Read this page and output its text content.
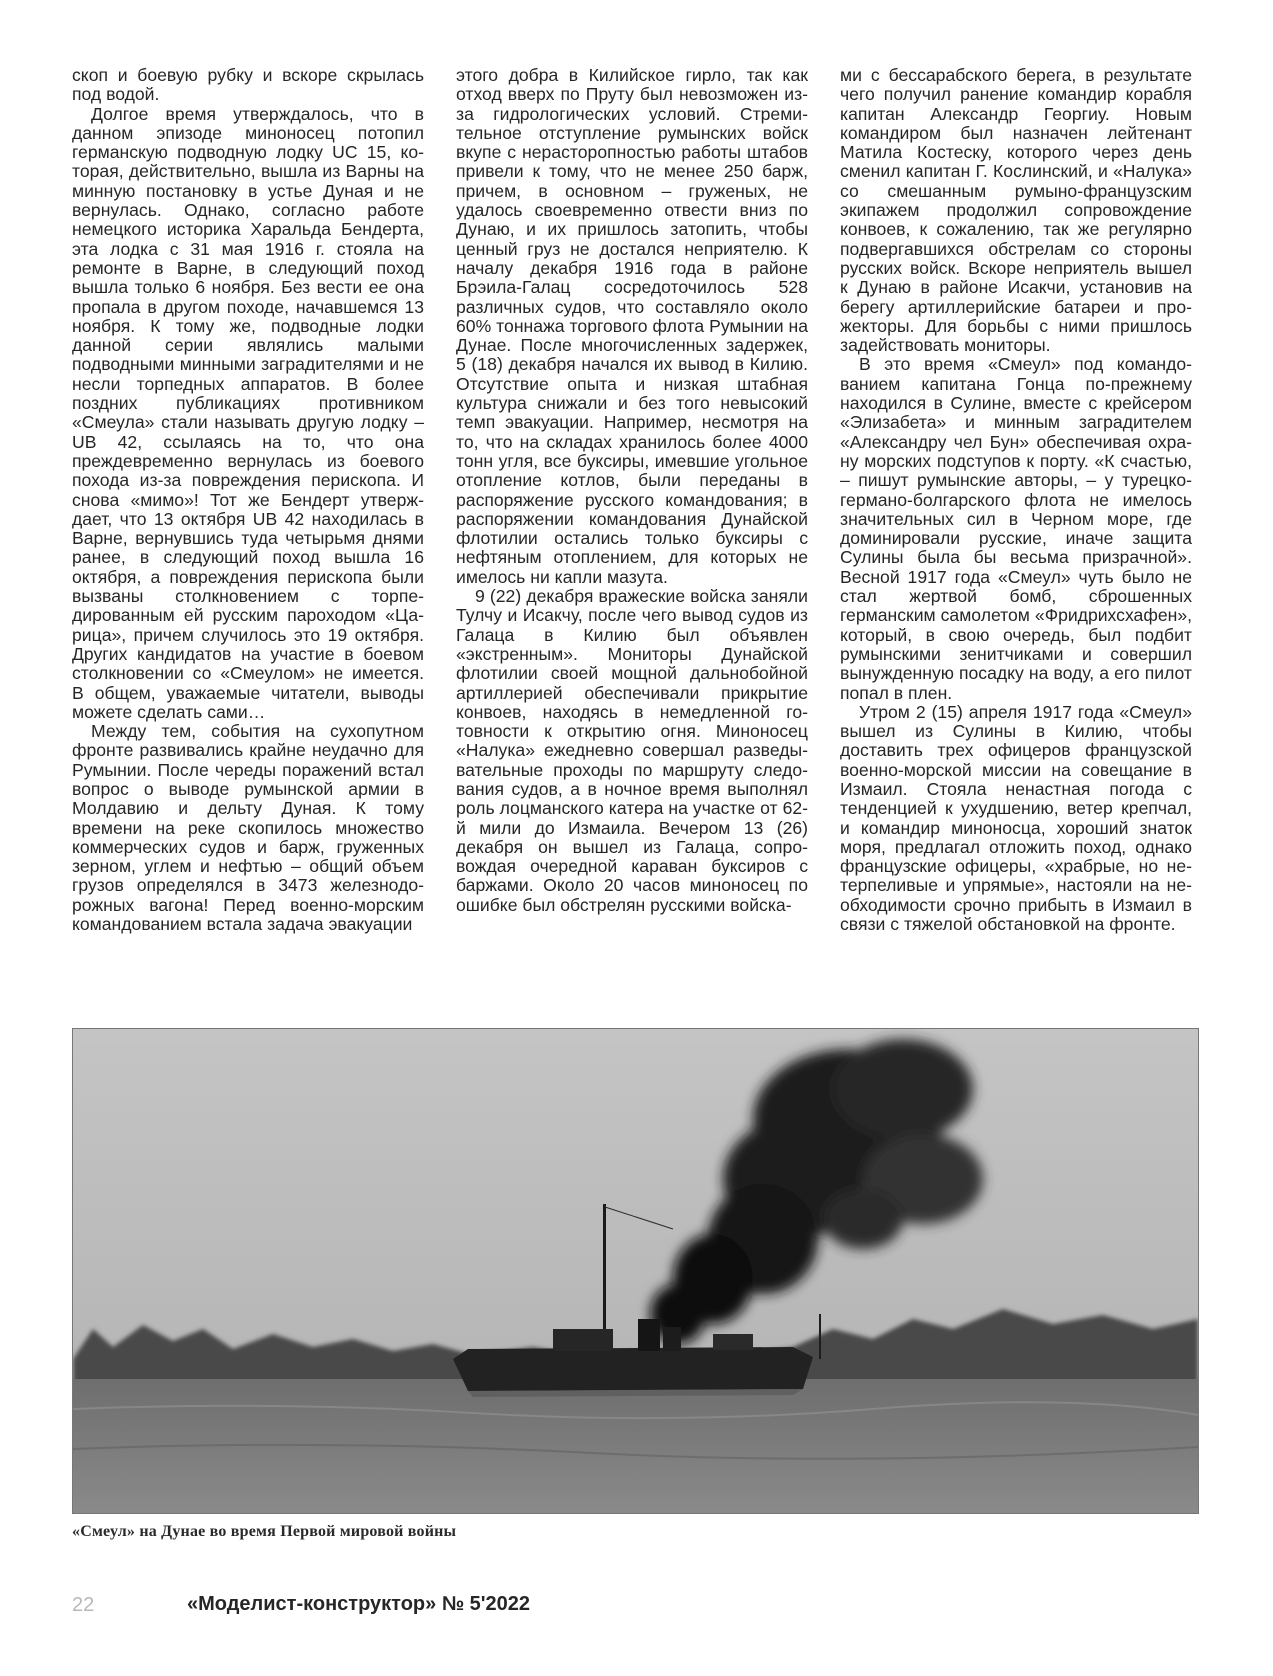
скоп и боевую рубку и вскоре скрылась под водой.

Долгое время утверждалось, что в данном эпизоде миноносец потопил германскую подводную лодку UC 15, которая, действительно, вышла из Варны на минную постановку в устье Дуная и не вернулась. Однако, согласно работе немецкого историка Харальда Бендерта, эта лодка с 31 мая 1916 г. стояла на ремонте в Варне, в следующий поход вышла только 6 ноября. Без вести ее она пропала в другом походе, начавшемся 13 ноября. К тому же, подводные лодки данной серии являлись малыми подводными минными заградителями и не несли торпедных аппаратов. В более поздних публикациях противником «Смеула» стали называть другую лодку – UB 42, ссылаясь на то, что она преждевременно вернулась из боевого похода из-за повреждения перископа. И снова «мимо»! Тот же Бендерт утверждает, что 13 октября UB 42 находилась в Варне, вернувшись туда четырьмя днями ранее, в следующий поход вышла 16 октября, а повреждения перископа были вызваны столкновением с торпедированным ей русским пароходом «Царица», причем случилось это 19 октября. Других кандидатов на участие в боевом столкновении со «Смеулом» не имеется. В общем, уважаемые читатели, выводы можете сделать сами…

Между тем, события на сухопутном фронте развивались крайне неудачно для Румынии. После череды поражений встал вопрос о выводе румынской армии в Молдавию и дельту Дуная. К тому времени на реке скопилось множество коммерческих судов и барж, груженных зерном, углем и нефтью – общий объем грузов определялся в 3473 железнодорожных вагона! Перед военно-морским командованием встала задача эвакуации

этого добра в Килийское гирло, так как отход вверх по Пруту был невозможен из-за гидрологических условий. Стремительное отступление румынских войск вкупе с нерасторопностью работы штабов привели к тому, что не менее 250 барж, причем, в основном – груженых, не удалось своевременно отвести вниз по Дунаю, и их пришлось затопить, чтобы ценный груз не достался неприятелю. К началу декабря 1916 года в районе Брэила-Галац сосредоточилось 528 различных судов, что составляло около 60% тоннажа торгового флота Румынии на Дунае. После многочисленных задержек, 5 (18) декабря начался их вывод в Килию. Отсутствие опыта и низкая штабная культура снижали и без того невысокий темп эвакуации. Например, несмотря на то, что на складах хранилось более 4000 тонн угля, все буксиры, имевшие угольное отопление котлов, были переданы в распоряжение русского командования; в распоряжении командования Дунайской флотилии остались только буксиры с нефтяным отоплением, для которых не имелось ни капли мазута.

9 (22) декабря вражеские войска заняли Тулчу и Исакчу, после чего вывод судов из Галаца в Килию был объявлен «экстренным». Мониторы Дунайской флотилии своей мощной дальнобойной артиллерией обеспечивали прикрытие конвоев, находясь в немедленной готовности к открытию огня. Миноносец «Налука» ежедневно совершал разведывательные проходы по маршруту следования судов, а в ночное время выполнял роль лоцманского катера на участке от 62-й мили до Измаила. Вечером 13 (26) декабря он вышел из Галаца, сопровождая очередной караван буксиров с баржами. Около 20 часов миноносец по ошибке был обстрелян русскими войска-

ми с бессарабского берега, в результате чего получил ранение командир корабля капитан Александр Георгиу. Новым командиром был назначен лейтенант Матила Костеску, которого через день сменил капитан Г. Кослинский, и «Налука» со смешанным румыно-французским экипажем продолжил сопровождение конвоев, к сожалению, так же регулярно подвергавшихся обстрелам со стороны русских войск. Вскоре неприятель вышел к Дунаю в районе Исакчи, установив на берегу артиллерийские батареи и прожекторы. Для борьбы с ними пришлось задействовать мониторы.

В это время «Смеул» под командованием капитана Гонца по-прежнему находился в Сулине, вместе с крейсером «Элизабета» и минным заградителем «Александру чел Бун» обеспечивая охрану морских подступов к порту. «К счастью, – пишут румынские авторы, – у турецко-германо-болгарского флота не имелось значительных сил в Черном море, где доминировали русские, иначе защита Сулины была бы весьма призрачной». Весной 1917 года «Смеул» чуть было не стал жертвой бомб, сброшенных германским самолетом «Фридрихсхафен», который, в свою очередь, был подбит румынскими зенитчиками и совершил вынужденную посадку на воду, а его пилот попал в плен.

Утром 2 (15) апреля 1917 года «Смеул» вышел из Сулины в Килию, чтобы доставить трех офицеров французской военно-морской миссии на совещание в Измаил. Стояла ненастная погода с тенденцией к ухудшению, ветер крепчал, и командир миноносца, хороший знаток моря, предлагал отложить поход, однако французские офицеры, «храбрые, но нетерпеливые и упрямые», настояли на необходимости срочно прибыть в Измаил в связи с тяжелой обстановкой на фронте.

«Смеул» на Дунае во время Первой мировой войны
22	«Моделист-конструктор» № 5'2022
